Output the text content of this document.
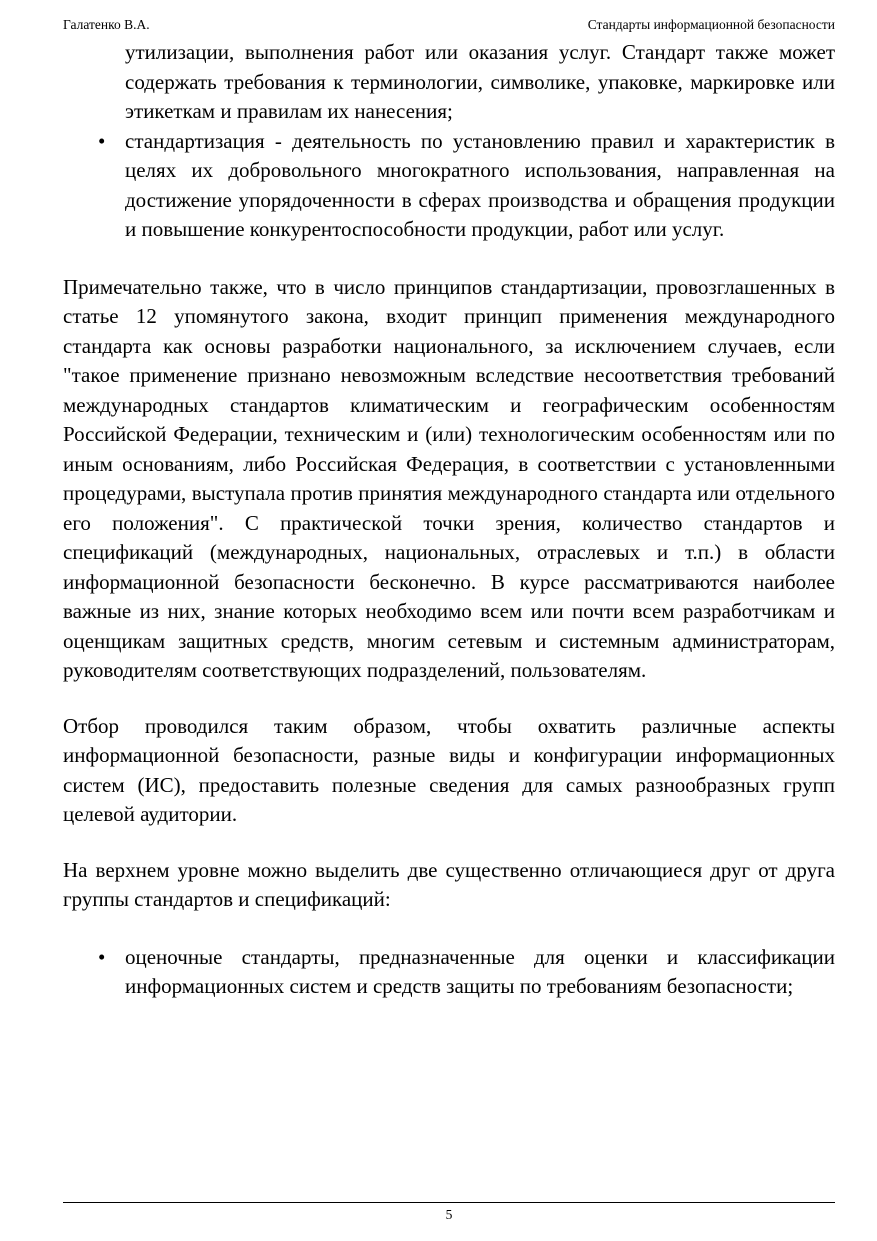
Галатенко В.А.	Стандарты информационной безопасности
утилизации, выполнения работ или оказания услуг. Стандарт также может содержать требования к терминологии, символике, упаковке, маркировке или этикеткам и правилам их нанесения;
• стандартизация - деятельность по установлению правил и характеристик в целях их добровольного многократного использования, направленная на достижение упорядоченности в сферах производства и обращения продукции и повышение конкурентоспособности продукции, работ или услуг.

Примечательно также, что в число принципов стандартизации, провозглашенных в статье 12 упомянутого закона, входит принцип применения международного стандарта как основы разработки национального, за исключением случаев, если "такое применение признано невозможным вследствие несоответствия требований международных стандартов климатическим и географическим особенностям Российской Федерации, техническим и (или) технологическим особенностям или по иным основаниям, либо Российская Федерация, в соответствии с установленными процедурами, выступала против принятия международного стандарта или отдельного его положения". С практической точки зрения, количество стандартов и спецификаций (международных, национальных, отраслевых и т.п.) в области информационной безопасности бесконечно. В курсе рассматриваются наиболее важные из них, знание которых необходимо всем или почти всем разработчикам и оценщикам защитных средств, многим сетевым и системным администраторам, руководителям соответствующих подразделений, пользователям.

Отбор проводился таким образом, чтобы охватить различные аспекты информационной безопасности, разные виды и конфигурации информационных систем (ИС), предоставить полезные сведения для самых разнообразных групп целевой аудитории.

На верхнем уровне можно выделить две существенно отличающиеся друг от друга группы стандартов и спецификаций:

• оценочные стандарты, предназначенные для оценки и классификации информационных систем и средств защиты по требованиям безопасности;
5
